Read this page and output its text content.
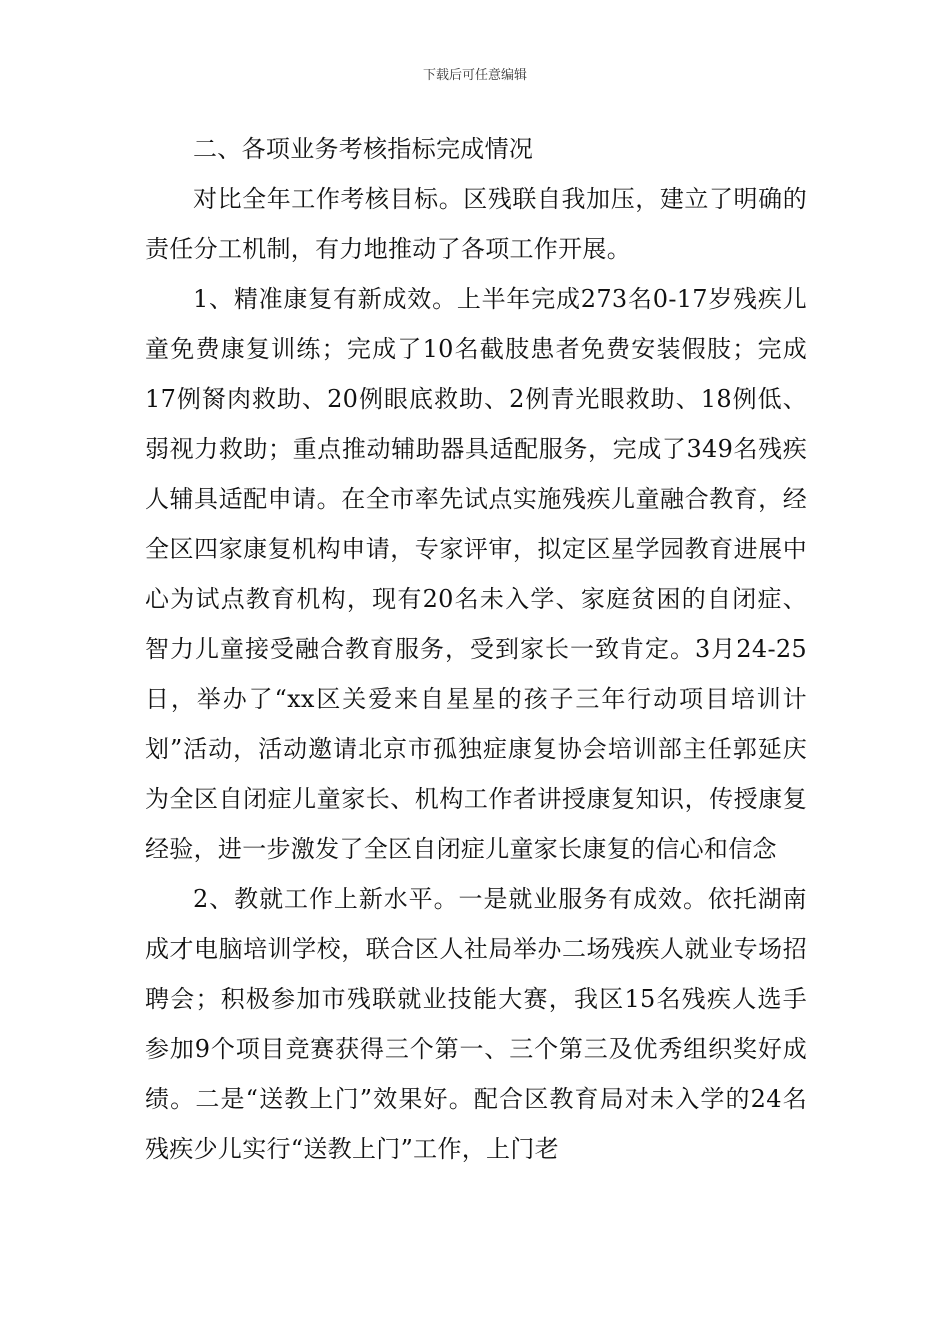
下载后可任意编辑

二、各项业务考核指标完成情况

对比全年工作考核目标。区残联自我加压，建立了明确的责任分工机制，有力地推动了各项工作开展。

1、精准康复有新成效。上半年完成273名0-17岁残疾儿童免费康复训练；完成了10名截肢患者免费安装假肢；完成17例胬肉救助、20例眼底救助、2例青光眼救助、18例低、弱视力救助；重点推动辅助器具适配服务，完成了349名残疾人辅具适配申请。在全市率先试点实施残疾儿童融合教育，经全区四家康复机构申请，专家评审，拟定区星学园教育进展中心为试点教育机构，现有20名未入学、家庭贫困的自闭症、智力儿童接受融合教育服务，受到家长一致肯定。3月24-25日，举办了“xx区关爱来自星星的孩子三年行动项目培训计划”活动，活动邀请北京市孤独症康复协会培训部主任郭延庆为全区自闭症儿童家长、机构工作者讲授康复知识，传授康复经验，进一步激发了全区自闭症儿童家长康复的信心和信念

2、教就工作上新水平。一是就业服务有成效。依托湖南成才电脑培训学校，联合区人社局举办二场残疾人就业专场招聘会；积极参加市残联就业技能大赛，我区15名残疾人选手参加9个项目竞赛获得三个第一、三个第三及优秀组织奖好成绩。二是“送教上门”效果好。配合区教育局对未入学的24名残疾少儿实行“送教上门”工作，上门老
